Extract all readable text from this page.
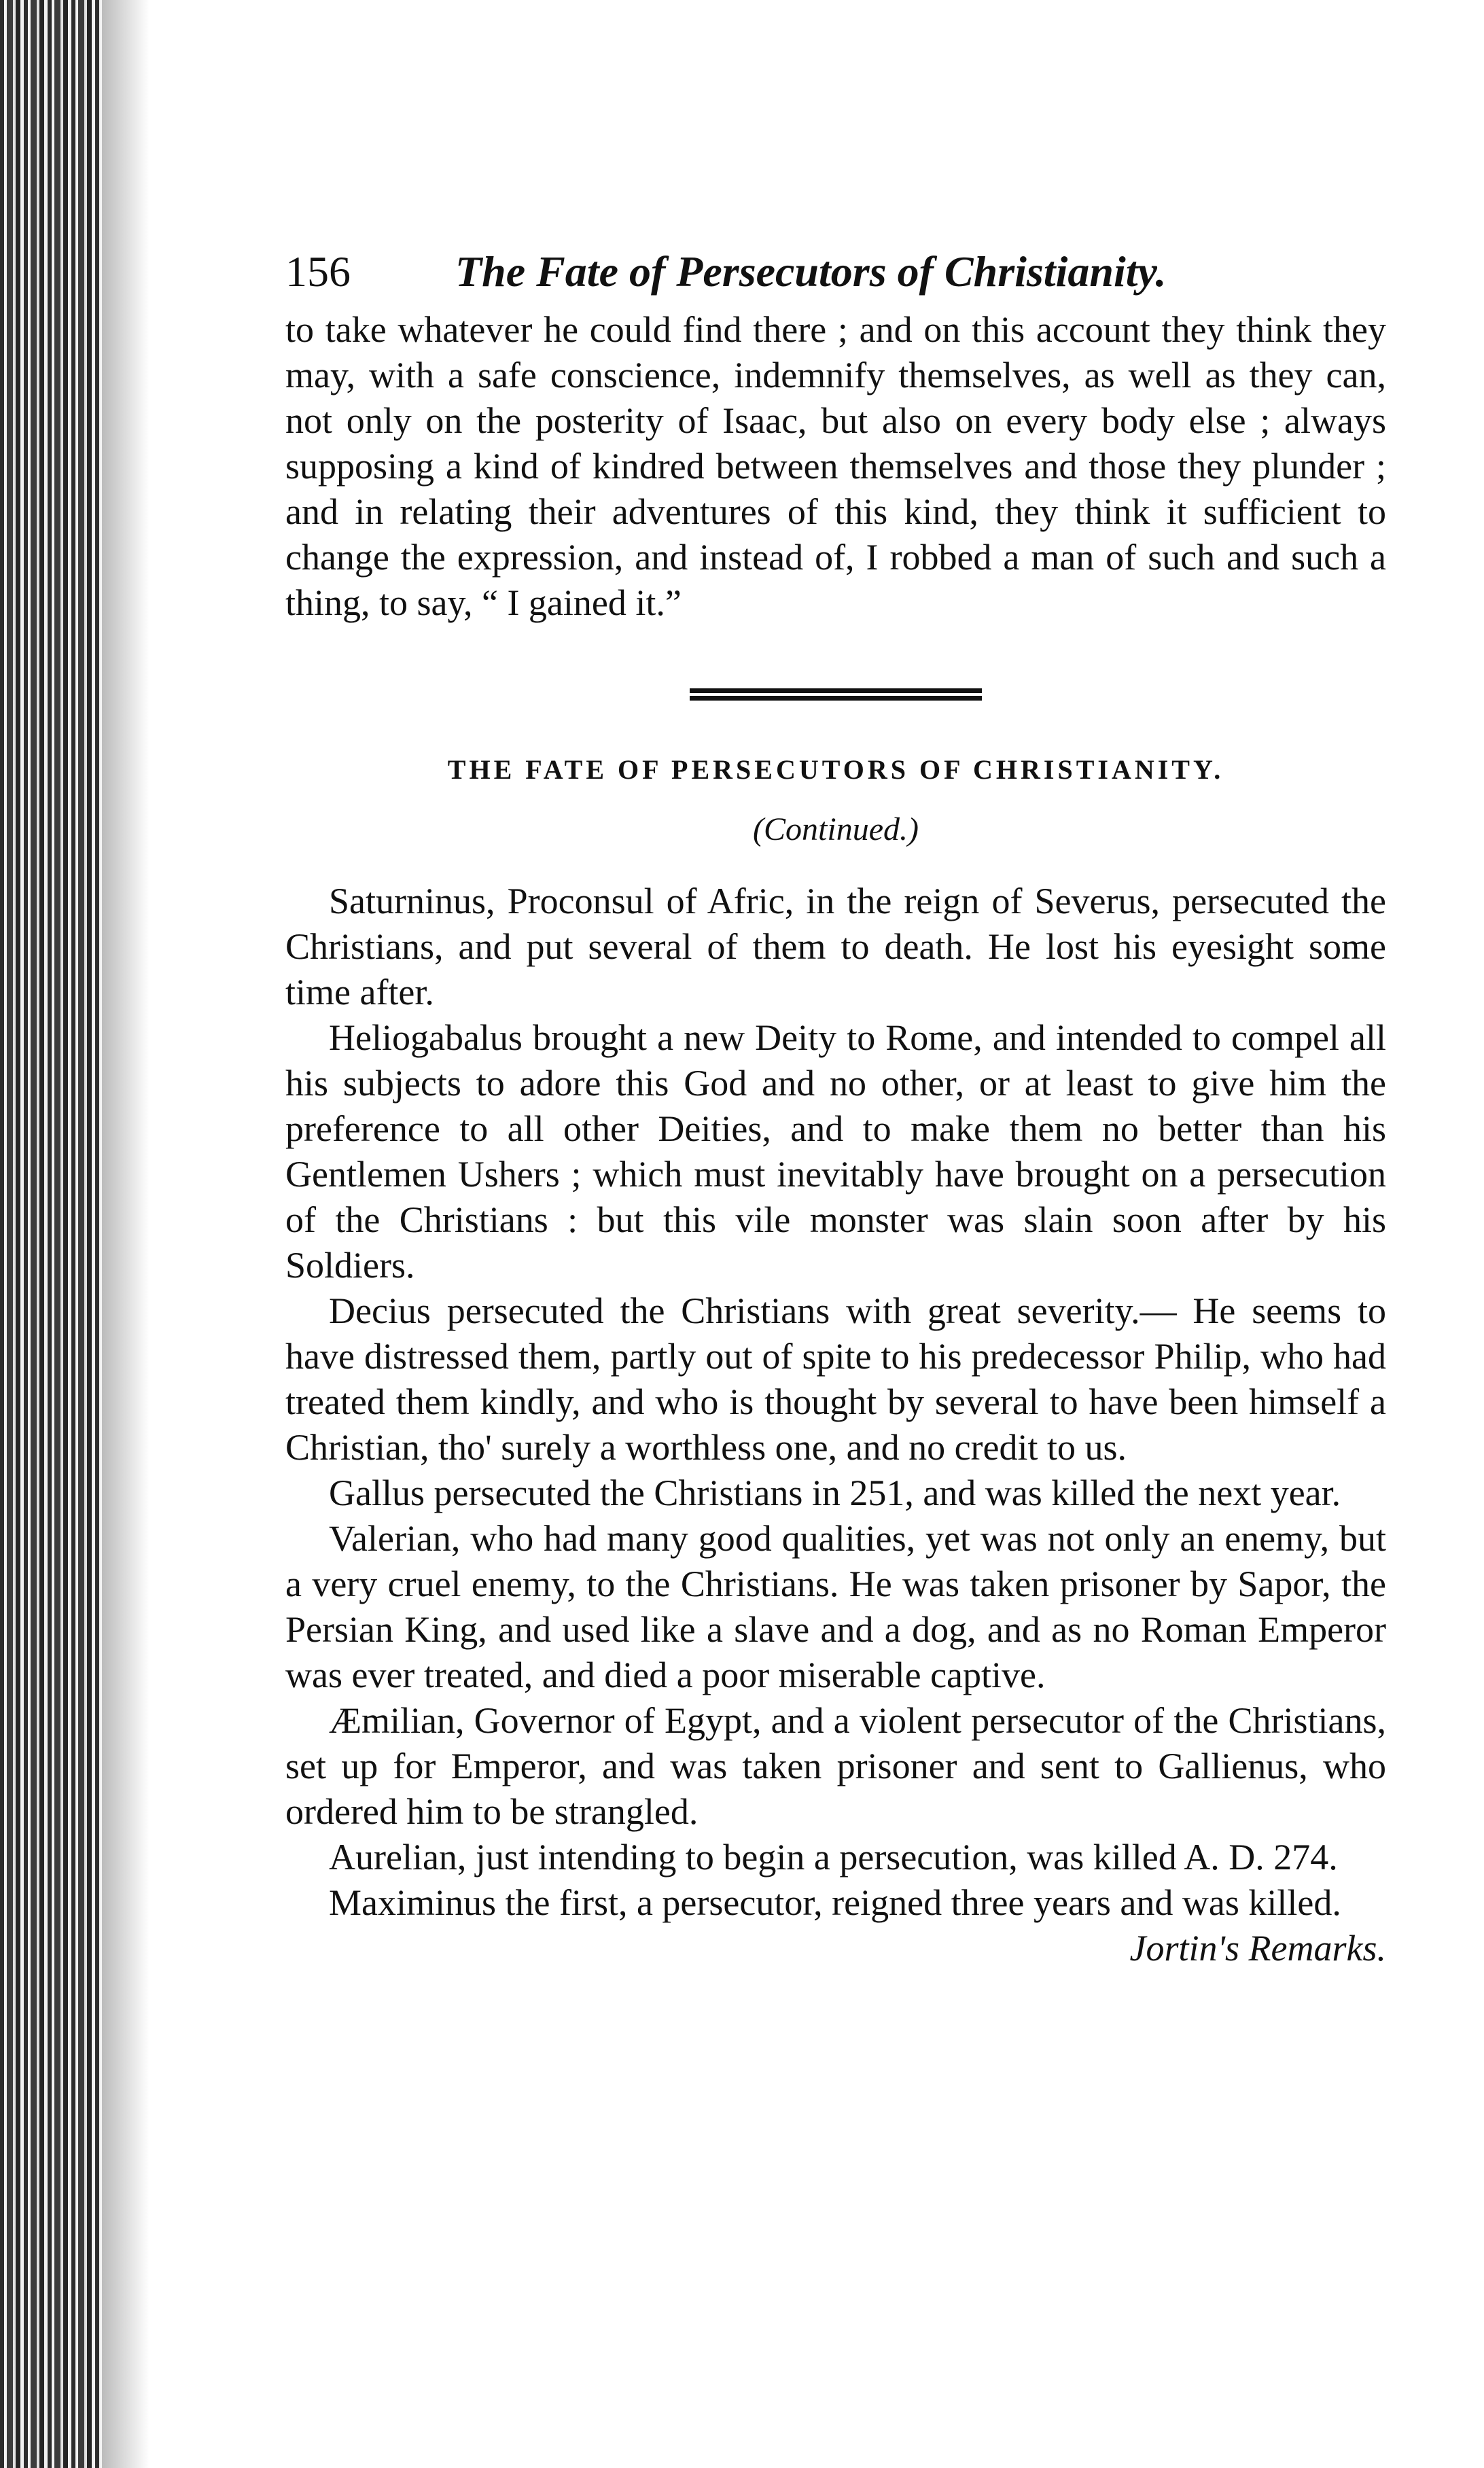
156	The Fate of Persecutors of Christianity.

to take whatever he could find there ; and on this account they think they may, with a safe conscience, indemnify themselves, as well as they can, not only on the posterity of Isaac, but also on every body else ; always supposing a kind of kindred between themselves and those they plunder ; and in relating their adventures of this kind, they think it sufficient to change the expression, and instead of, I robbed a man of such and such a thing, to say, “ I gained it.”

THE FATE OF PERSECUTORS OF CHRISTIANITY.
(Continued.)

Saturninus, Proconsul of Afric, in the reign of Severus, persecuted the Christians, and put several of them to death. He lost his eyesight some time after.

Heliogabalus brought a new Deity to Rome, and intended to compel all his subjects to adore this God and no other, or at least to give him the preference to all other Deities, and to make them no better than his Gentlemen Ushers ; which must inevitably have brought on a persecution of the Christians : but this vile monster was slain soon after by his Soldiers.

Decius persecuted the Christians with great severity.— He seems to have distressed them, partly out of spite to his predecessor Philip, who had treated them kindly, and who is thought by several to have been himself a Christian, tho' surely a worthless one, and no credit to us.

Gallus persecuted the Christians in 251, and was killed the next year.

Valerian, who had many good qualities, yet was not only an enemy, but a very cruel enemy, to the Christians. He was taken prisoner by Sapor, the Persian King, and used like a slave and a dog, and as no Roman Emperor was ever treated, and died a poor miserable captive.

Æmilian, Governor of Egypt, and a violent persecutor of the Christians, set up for Emperor, and was taken prisoner and sent to Gallienus, who ordered him to be strangled.

Aurelian, just intending to begin a persecution, was killed A. D. 274.

Maximinus the first, a persecutor, reigned three years and was killed.
Jortin's Remarks.
